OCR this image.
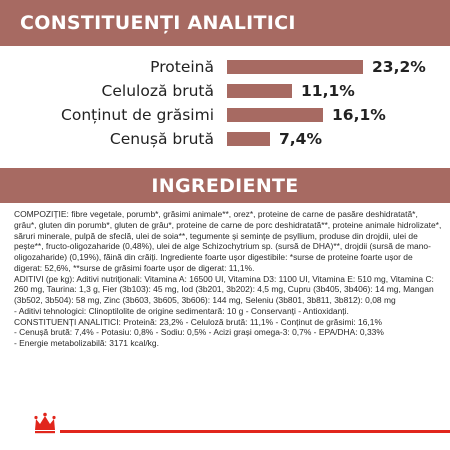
CONSTITUENȚI ANALITICI
Proteină	23,2%
Celuloză brută	11,1%
Conținut de grăsimi	16,1%
Cenușă brută	7,4%
INGREDIENTE
COMPOZIȚIE: fibre vegetale, porumb*, grăsimi animale**, orez*, proteine de carne de pasăre deshidratată*, grâu*, gluten din porumb*, gluten de grâu*, proteine de carne de porc deshidratată**, proteine animale hidrolizate*, săruri minerale, pulpă de sfeclă, ulei de soia**, tegumente și semințe de psyllium, produse din drojdii, ulei de pește**, fructo-oligozaharide (0,48%), ulei de alge Schizochytrium sp. (sursă de DHA)**, drojdii (sursă de mano-oligozaharide) (0,19%), făină din crăiți. Ingrediente foarte ușor digestibile: *surse de proteine foarte ușor de digerat: 52,6%, **surse de grăsimi foarte ușor de digerat: 11,1%.
ADITIVI (pe kg): Aditivi nutriționali: Vitamina A: 16500 UI, Vitamina D3: 1100 UI, Vitamina E: 510 mg, Vitamina C: 260 mg, Taurina: 1,3 g, Fier (3b103): 45 mg, Iod (3b201, 3b202): 4,5 mg, Cupru (3b405, 3b406): 14 mg, Mangan (3b502, 3b504): 58 mg, Zinc (3b603, 3b605, 3b606): 144 mg, Seleniu (3b801, 3b811, 3b812): 0,08 mg
- Aditivi tehnologici: Clinoptilolite de origine sedimentară: 10 g - Conservanți - Antioxidanți.
CONSTITUENȚI ANALITICI: Proteină: 23,2% - Celuloză brută: 11,1% - Conținut de grăsimi: 16,1%
- Cenușă brută: 7,4% - Potasiu: 0,8% - Sodiu: 0,5% - Acizi grași omega-3: 0,7% - EPA/DHA: 0,33%
- Energie metabolizabilă: 3171 kcal/kg.
